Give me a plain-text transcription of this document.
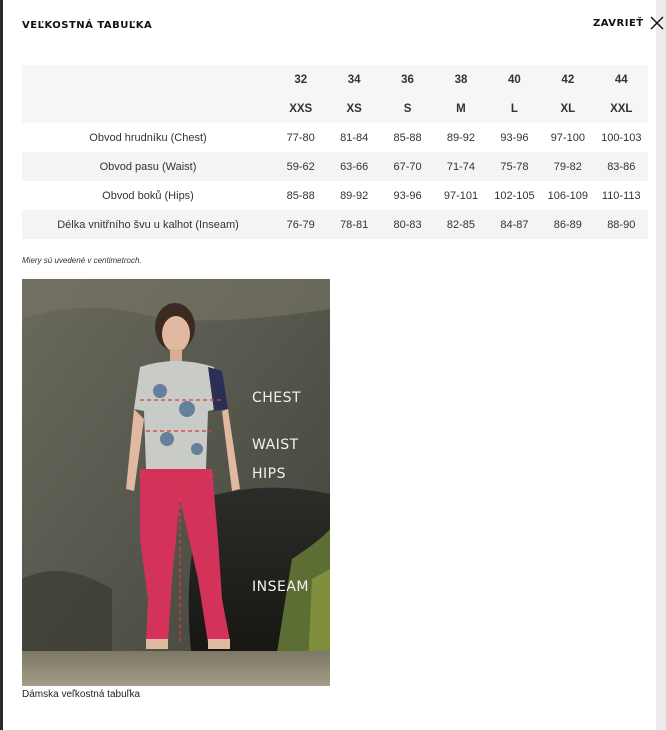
VEĽKOSTNÁ TABUĽKA	ZAVRIEŤ
	32	34	36	38	40	42	44
	XXS	XS	S	M	L	XL	XXL
Obvod hrudníku (Chest)	77-80	81-84	85-88	89-92	93-96	97-100	100-103
Obvod pasu (Waist)	59-62	63-66	67-70	71-74	75-78	79-82	83-86
Obvod boků (Hips)	85-88	89-92	93-96	97-101	102-105	106-109	110-113
Délka vnitřního švu u kalhot (Inseam)	76-79	78-81	80-83	82-85	84-87	86-89	88-90
Miery sú uvedené v centimetroch.
CHEST
WAIST
HIPS
INSEAM
Dámska veľkostná tabuľka
